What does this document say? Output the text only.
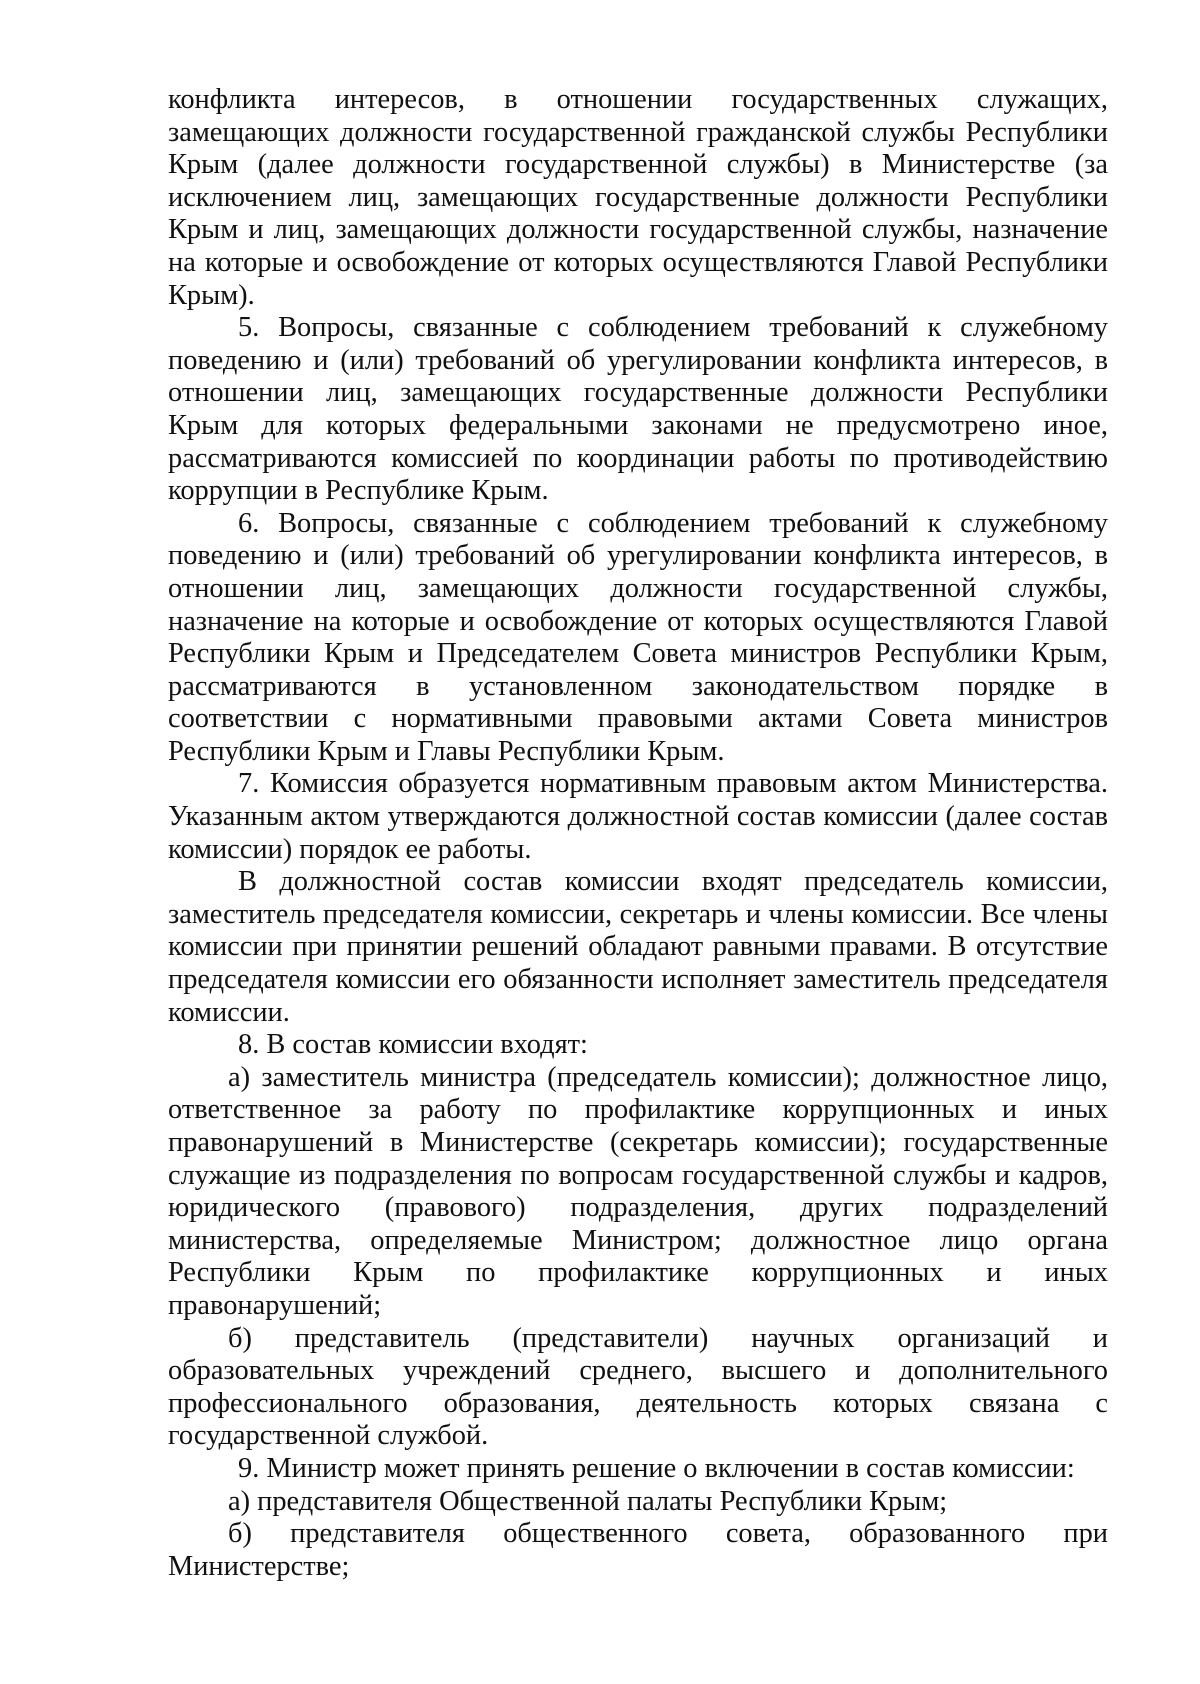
конфликта интересов, в отношении государственных служащих, замещающих должности государственной гражданской службы Республики Крым (далее должности государственной службы) в Министерстве (за исключением лиц, замещающих государственные должности Республики Крым и лиц, замещающих должности государственной службы, назначение на которые и освобождение от которых осуществляются Главой Республики Крым).

5. Вопросы, связанные с соблюдением требований к служебному поведению и (или) требований об урегулировании конфликта интересов, в отношении лиц, замещающих государственные должности Республики Крым для которых федеральными законами не предусмотрено иное, рассматриваются комиссией по координации работы по противодействию коррупции в Республике Крым.

6. Вопросы, связанные с соблюдением требований к служебному поведению и (или) требований об урегулировании конфликта интересов, в отношении лиц, замещающих должности государственной службы, назначение на которые и освобождение от которых осуществляются Главой Республики Крым и Председателем Совета министров Республики Крым, рассматриваются в установленном законодательством порядке в соответствии с нормативными правовыми актами Совета министров Республики Крым и Главы Республики Крым.

7. Комиссия образуется нормативным правовым актом Министерства. Указанным актом утверждаются должностной состав комиссии (далее состав комиссии) порядок ее работы.

В должностной состав комиссии входят председатель комиссии, заместитель председателя комиссии, секретарь и члены комиссии. Все члены комиссии при принятии решений обладают равными правами. В отсутствие председателя комиссии его обязанности исполняет заместитель председателя комиссии.

8. В состав комиссии входят:

а) заместитель министра (председатель комиссии); должностное лицо, ответственное за работу по профилактике коррупционных и иных правонарушений в Министерстве (секретарь комиссии); государственные служащие из подразделения по вопросам государственной службы и кадров, юридического (правового) подразделения, других подразделений министерства, определяемые Министром; должностное лицо органа Республики Крым по профилактике коррупционных и иных правонарушений;

б) представитель (представители) научных организаций и образовательных учреждений среднего, высшего и дополнительного профессионального образования, деятельность которых связана с государственной службой.

9. Министр может принять решение о включении в состав комиссии:

а) представителя Общественной палаты Республики Крым;

б) представителя общественного совета, образованного при Министерстве;
